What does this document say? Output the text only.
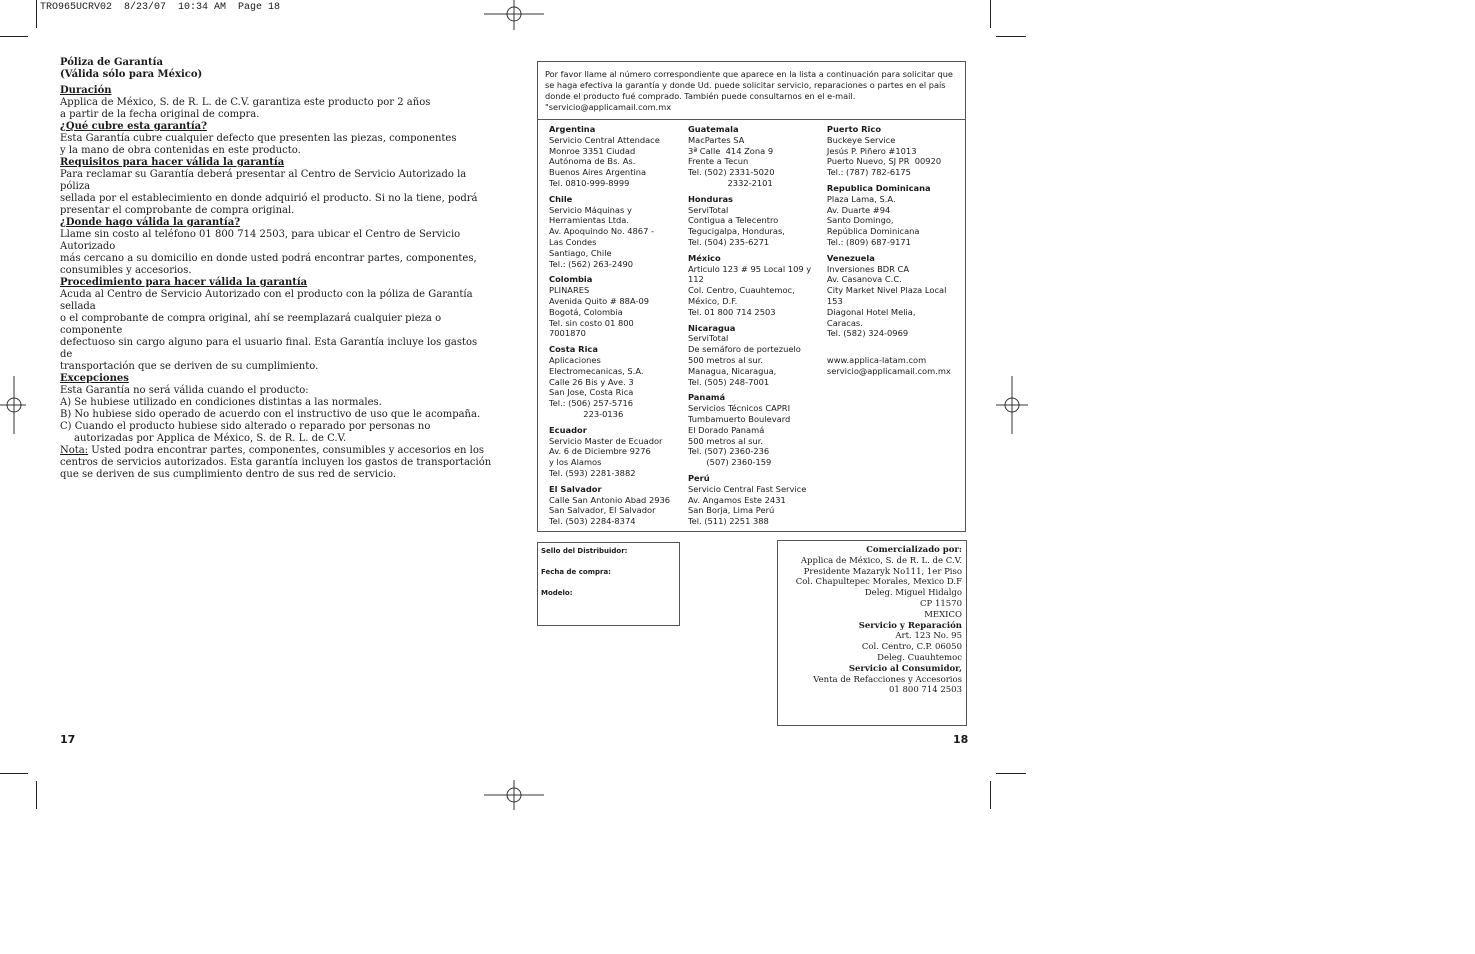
TRO965UCRV02  8/23/07  10:34 AM  Page 18

Póliza de Garantía

(Válida sólo para México)

Duración

Applica de México, S. de R. L. de C.V. garantiza este producto por 2 años

a partir de la fecha original de compra.

¿Qué cubre esta garantía?

Esta Garantía cubre cualquier defecto que presenten las piezas, componentes

y la mano de obra contenidas en este producto.

Requisitos para hacer válida la garantía

Para reclamar su Garantía deberá presentar al Centro de Servicio Autorizado la póliza

sellada por el establecimiento en donde adquirió el producto. Si no la tiene, podrá

presentar el comprobante de compra original.

¿Donde hago válida la garantía?

Llame sin costo al teléfono 01 800 714 2503, para ubicar el Centro de Servicio Autorizado

más cercano a su domicilio en donde usted podrá encontrar partes, componentes,

consumibles y accesorios.

Procedimiento para hacer válida la garantía

Acuda al Centro de Servicio Autorizado con el producto con la póliza de Garantía sellada

o el comprobante de compra original, ahí se reemplazará cualquier pieza o componente

defectuoso sin cargo alguno para el usuario final. Esta Garantía incluye los gastos de

transportación que se deriven de su cumplimiento.

Excepciones

Esta Garantía no será válida cuando el producto:

A) Se hubiese utilizado en condiciones distintas a las normales.
B) No hubiese sido operado de acuerdo con el instructivo de uso que le acompaña.
C) Cuando el producto hubiese sido alterado o reparado por personas no autorizadas por Applica de México, S. de R. L. de C.V.

Nota: Usted podra encontrar partes, componentes, consumibles y accesorios en los centros de servicios autorizados. Esta garantía incluyen los gastos de transportación que se deriven de sus cumplimiento dentro de sus red de servicio.

Por favor llame al número correspondiente que aparece en la lista a continuación para solicitar que se haga efectiva la garantía y donde Ud. puede solicitar servicio, reparaciones o partes en el país donde el producto fué comprado. También puede consultarnos en el e-mail. "servicio@applicamail.com.mx
Argentina
Servicio Central Attendace
Monroe 3351 Ciudad
Autónoma de Bs. As.
Buenos Aires Argentina
Tel. 0810-999-8999
Chile
Servicio Máquinas y
Herramientas Ltda.
Av. Apoquindo No. 4867 -
Las Condes
Santiago, Chile
Tel.: (562) 263-2490
Colombia
PLINARES
Avenida Quito # 88A-09
Bogotá, Colombia
Tel. sin costo 01 800
7001870
Costa Rica
Aplicaciones
Electromecanicas, S.A.
Calle 26 Bis y Ave. 3
San Jose, Costa Rica
Tel.: (506) 257-5716
223-0136
Ecuador
Servicio Master de Ecuador
Av. 6 de Diciembre 9276
y los Alamos
Tel. (593) 2281-3882
El Salvador
Calle San Antonio Abad 2936
San Salvador, El Salvador
Tel. (503) 2284-8374
Guatemala
MacPartes SA
3ª Calle  414 Zona 9
Frente a Tecun
Tel. (502) 2331-5020
2332-2101
Honduras
ServiTotal
Contigua a Telecentro
Tegucigalpa, Honduras,
Tel. (504) 235-6271
México
Articulo 123 # 95 Local 109 y
112
Col. Centro, Cuauhtemoc,
México, D.F.
Tel. 01 800 714 2503
Nicaragua
ServiTotal
De semáforo de portezuelo
500 metros al sur.
Managua, Nicaragua,
Tel. (505) 248-7001
Panamá
Servicios Técnicos CAPRI
Tumbamuerto Boulevard
El Dorado Panamá
500 metros al sur.
Tel. (507) 2360-236
(507) 2360-159
Perú
Servicio Central Fast Service
Av. Angamos Este 2431
San Borja, Lima Perú
Tel. (511) 2251 388
Puerto Rico
Buckeye Service
Jesús P. Piñero #1013
Puerto Nuevo, SJ PR  00920
Tel.: (787) 782-6175
Republica Dominicana
Plaza Lama, S.A.
Av. Duarte #94
Santo Domingo,
República Dominicana
Tel.: (809) 687-9171
Venezuela
Inversiones BDR CA
Av. Casanova C.C.
City Market Nivel Plaza Local
153
Diagonal Hotel Melia,
Caracas.
Tel. (582) 324-0969
www.applica-latam.com
servicio@applicamail.com.mx
Sello del Distribuidor:
Fecha de compra:
Modelo:
Comercializado por:
Applica de México, S. de R. L. de C.V.
Presidente Mazaryk No111, 1er Piso
Col. Chapultepec Morales, Mexico D.F
Deleg. Miguel Hidalgo
CP 11570
MEXICO
Servicio y Reparación
Art. 123 No. 95
Col. Centro, C.P. 06050
Deleg. Cuauhtemoc
Servicio al Consumidor,
Venta de Refacciones y Accesorios
01 800 714 2503
17	18
